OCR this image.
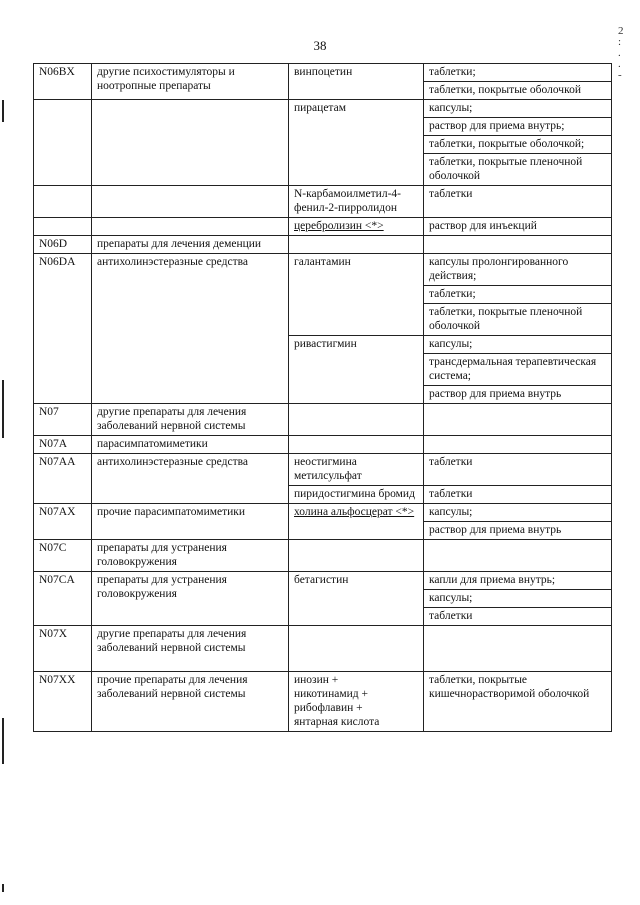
38
2
:
.
.
-
N06BX	другие психостимуляторы и ноотропные препараты	винпоцетин	таблетки;
			таблетки, покрытые оболочкой
		пирацетам	капсулы;
			раствор для приема внутрь;
			таблетки, покрытые оболочкой;
			таблетки, покрытые пленочной оболочкой
		N-карбамоилметил-4-фенил-2-пирролидон	таблетки
		церебролизин <*>	раствор для инъекций
N06D	препараты для лечения деменции		
N06DA	антихолинэстеразные средства	галантамин	капсулы пролонгированного действия;
			таблетки;
			таблетки, покрытые пленочной оболочкой
		ривастигмин	капсулы;
			трансдермальная терапевтическая система;
			раствор для приема внутрь
N07	другие препараты для лечения заболеваний нервной системы		
N07A	парасимпатомиметики		
N07AA	антихолинэстеразные средства	неостигмина метилсульфат	таблетки
		пиридостигмина бромид	таблетки
N07AX	прочие парасимпатомиметики	холина альфосцерат <*>	капсулы;
			раствор для приема внутрь
N07C	препараты для устранения головокружения		
N07CA	препараты для устранения головокружения	бетагистин	капли для приема внутрь;
			капсулы;
			таблетки
N07X	другие препараты для лечения заболеваний нервной системы		
N07XX	прочие препараты для лечения заболеваний нервной системы	инозин +
никотинамид +
рибофлавин +
янтарная кислота	таблетки, покрытые кишечнорастворимой оболочкой
